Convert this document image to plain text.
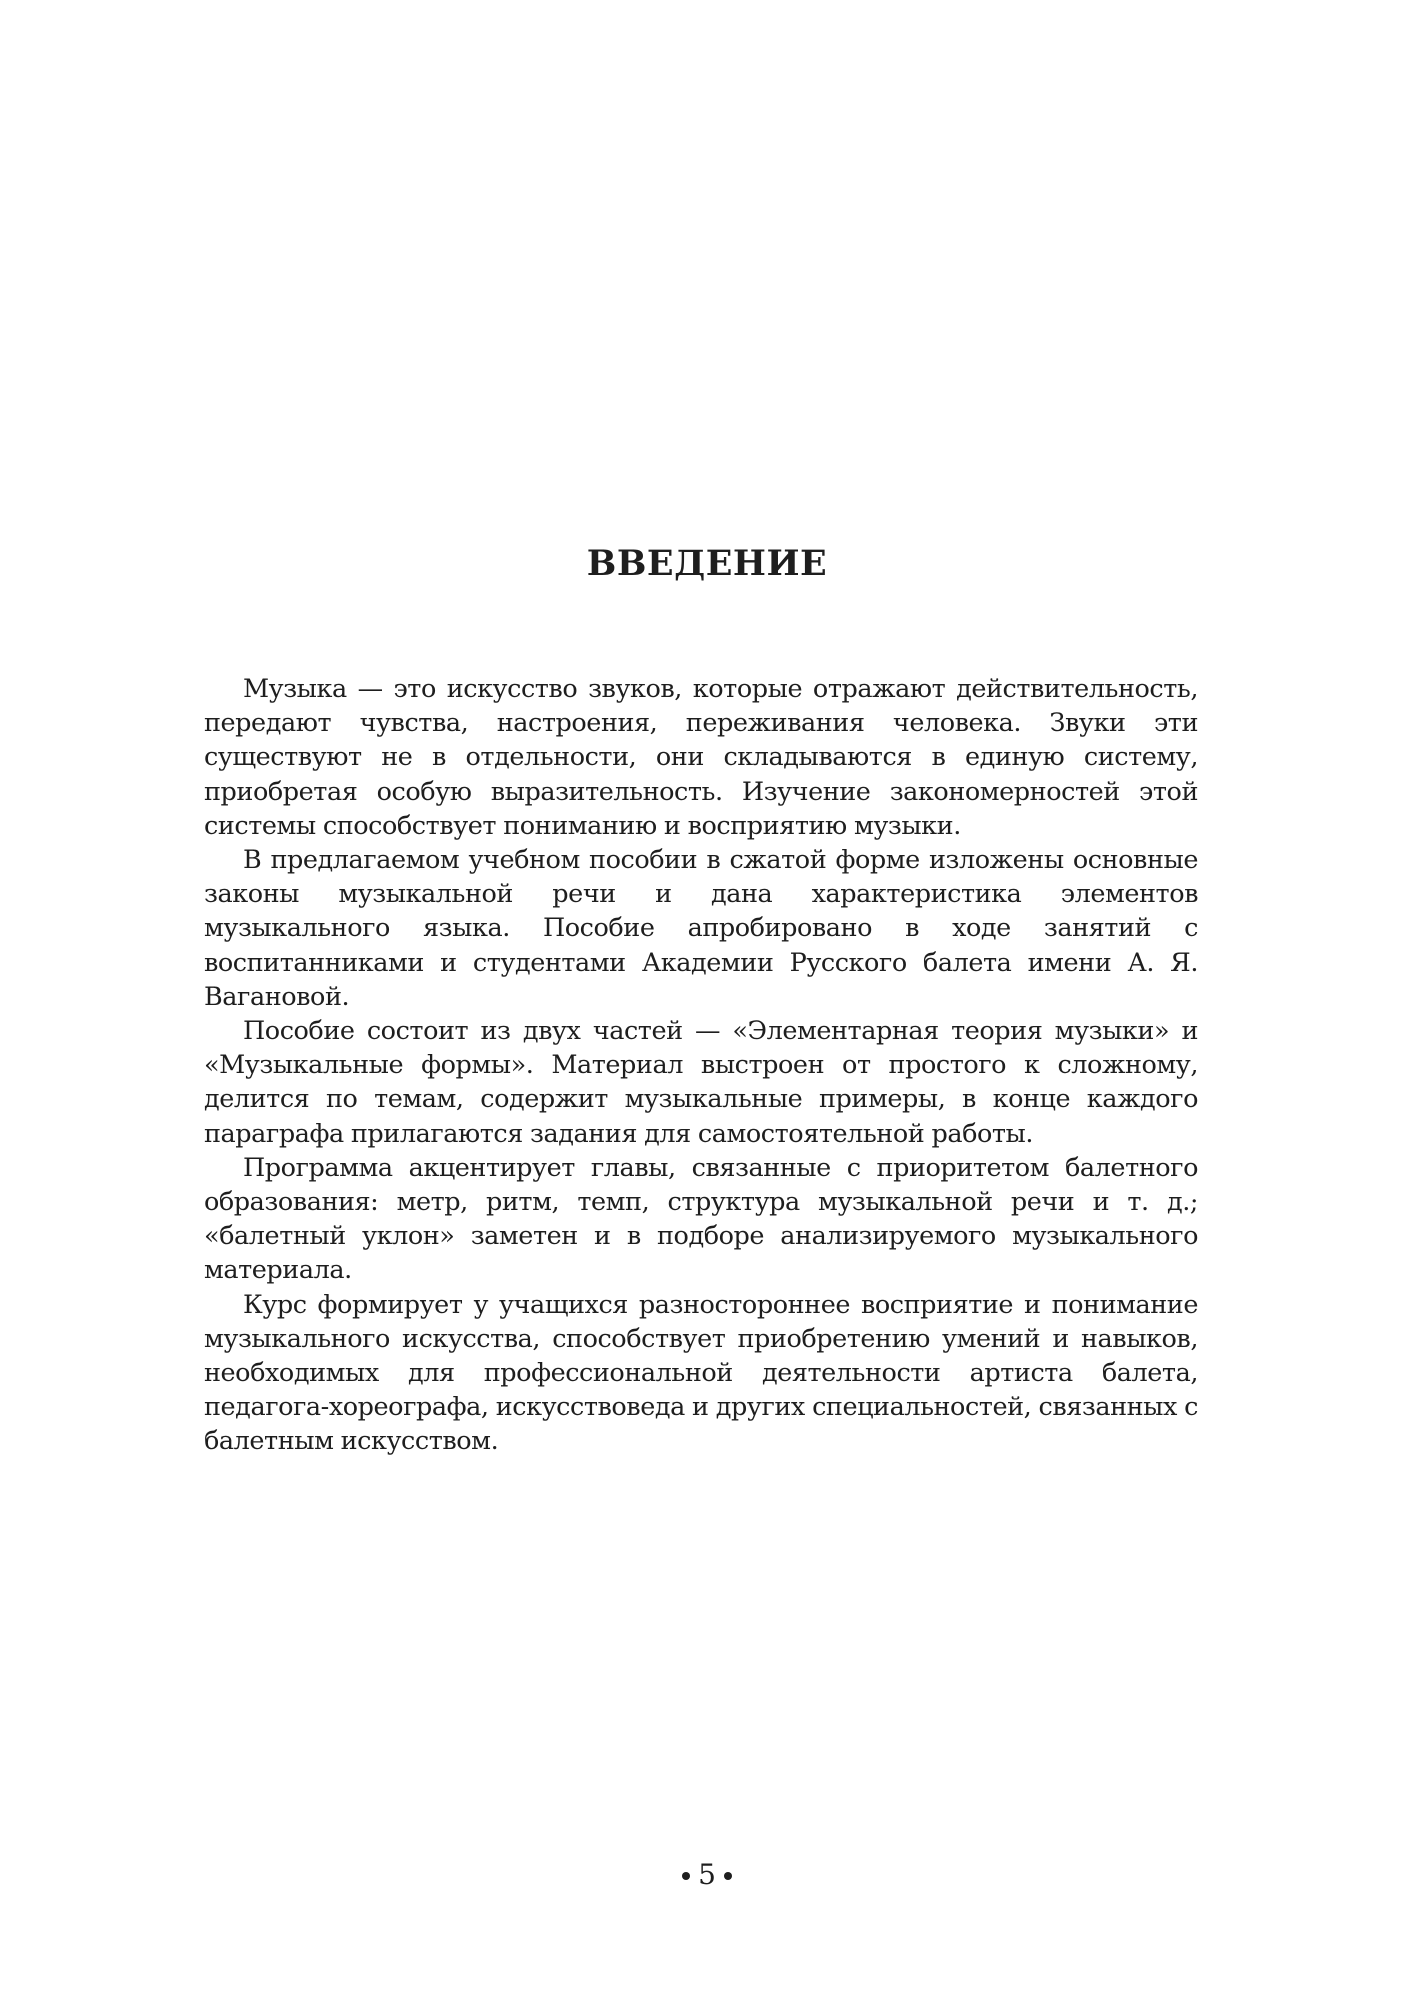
ВВЕДЕНИЕ

Музыка — это искусство звуков, которые отражают действительность, передают чувства, настроения, переживания человека. Звуки эти существуют не в отдельности, они складываются в единую систему, приобретая особую выразительность. Изучение закономерностей этой системы способствует пониманию и восприятию музыки.

В предлагаемом учебном пособии в сжатой форме изложены основные законы музыкальной речи и дана характеристика элементов музыкального языка. Пособие апробировано в ходе занятий с воспитанниками и студентами Академии Русского балета имени А. Я. Вагановой.

Пособие состоит из двух частей — «Элементарная теория музыки» и «Музыкальные формы». Материал выстроен от простого к сложному, делится по темам, содержит музыкальные примеры, в конце каждого параграфа прилагаются задания для самостоятельной работы.

Программа акцентирует главы, связанные с приоритетом балетного образования: метр, ритм, темп, структура музыкальной речи и т. д.; «балетный уклон» заметен и в подборе анализируемого музыкального материала.

Курс формирует у учащихся разностороннее восприятие и понимание музыкального искусства, способствует приобретению умений и навыков, необходимых для профессиональной деятельности артиста балета, педагога-хореографа, искусствоведа и других специальностей, связанных с балетным искусством.

5
